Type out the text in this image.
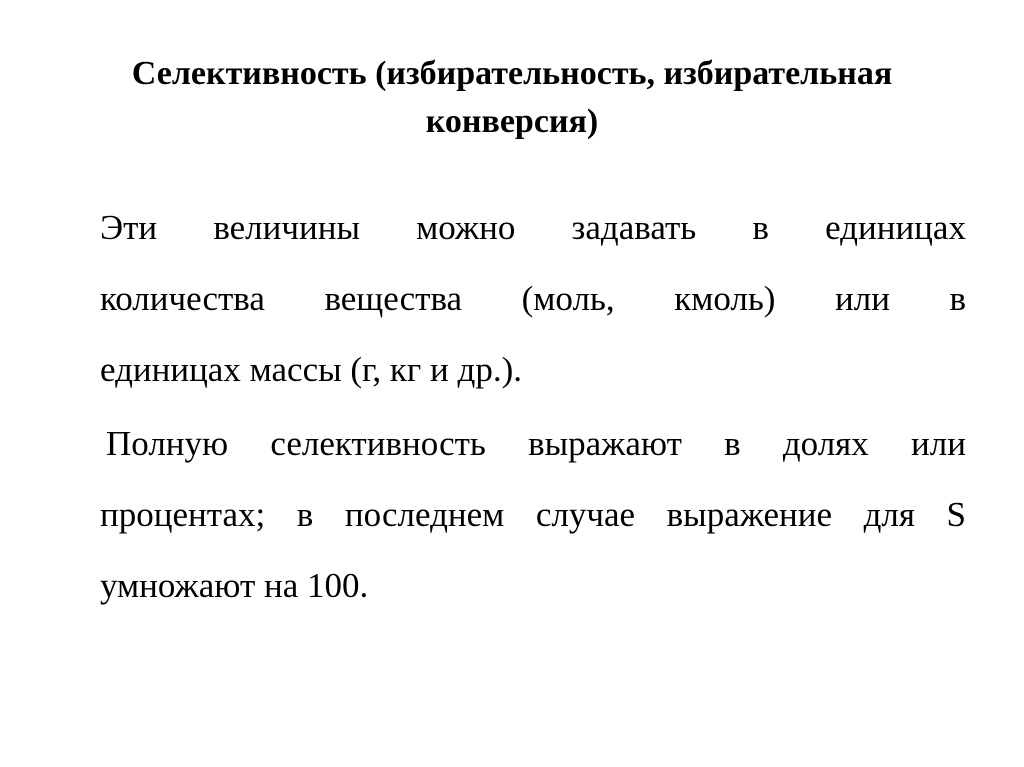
Селективность (избирательность, избирательная
конверсия)
Эти величины можно задавать в единицах
количества вещества (моль, кмоль) или в
единицах массы (г, кг и др.).
Полную селективность выражают в долях или
процентах; в последнем случае выражение для S
умножают на 100.
